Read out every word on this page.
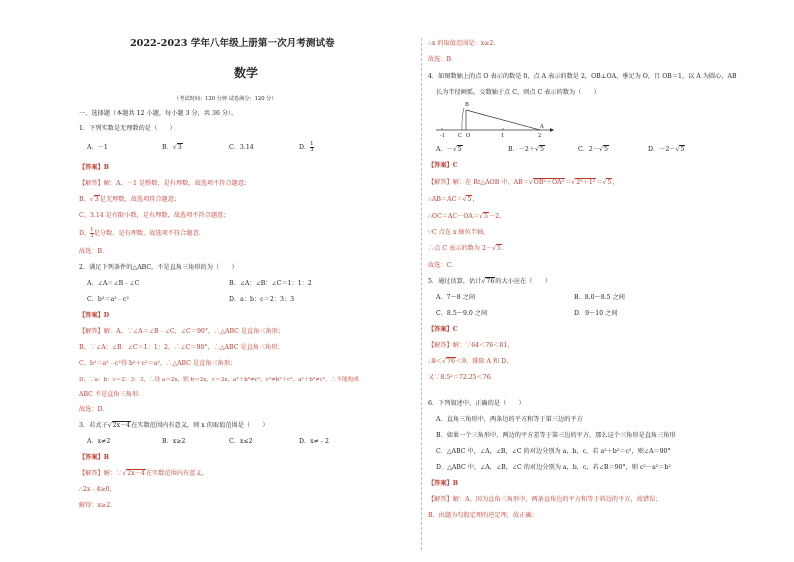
2022-2023 学年八年级上册第一次月考测试卷
数学
（考试时间：120 分钟 试卷满分：120 分）
一、选择题（本题共 12 小题，每小题 3 分，共 36 分）。
1．下列实数是无理数的是（　　）
A．－1	B．√3	C．3.14	D． $\frac{1}{3}$
【答案】B
【解答】解：A、－1 是整数，是有理数，故选项不符合题意；
B、√3是无理数，故选项符合题意；
C、3.14 是有限小数，是有理数，故选项不符合题意；
D、 $\frac{1}{3}$ 是分数，是有理数，故选项不符合题意．
故选：B．
2．满足下列条件的△ABC，不是直角三角形的为（　　）
A．∠A＝∠B﹣∠C	B．∠A：∠B：∠C＝1：1：2
C．b²＝a²﹣c²	D．a：b：c＝2：3：3
【答案】D
【解答】解：A、∵∠A＝∠B﹣∠C，∠C＝90°，∴△ABC 是直角三角形；
B、∵∠A：∠B：∠C＝1：1：2，∴∠C＝90°，∴△ABC 是直角三角形；
C、b²＝a²﹣c²得 b²＋c²＝a²，∴△ABC 是直角三角形；
D、∵a：b：c＝2：3：3，∴设 a＝2x，则 b＝2x，c＝3x，a²＋b²≠c²，c²≠b²＋c²，a²＋b²≠c²，∴不能构成
ABC 不是直角三角形．
故选：D．
3．若式子√2x－4在实数范围内有意义，则 x 的取值范围是（　　）
A．x≠2	B．x≥2	C．x≤2	D．x≠﹣2
【答案】B
【解答】解：∵√2x－4在实数范围内有意义，
∴2x﹣4≥0，
解得：x≥2．
∴x 的取值范围是：x≥2．
故选：B．
4．如图数轴上的点 O 表示的数是 0，点 A 表示的数是 2，OB⊥OA，垂足为 O，且 OB＝1，以 A 为圆心，AB
长为半径画弧，交数轴于点 C，则点 C 表示的数为（　　）
B
A
-1 C O	1	2
A．－√5	B．－2＋√5	C．2－√5	D．－2－√5
【答案】C
【解答】解：在 Rt△AOB 中，AB＝√OB²＋OA²＝√2²＋1²＝√5，
∴AB＝AC＝√5，
∴OC＝AC－OA＝√5－2，
∵C 点在 x 轴负半轴，
∴点 C 表示的数为 2－√5．
故选：C．
5．通过估算，估计√76的大小应在（　　）
A．7～8 之间	B．8.0～8.5 之间
C．8.5～9.0 之间	D．9～10 之间
【答案】C
【解答】解：∵64＜76＜81，
∴8＜√76＜9，排除 A 和 D，
又∵8.5²＝72.25＜76．
6．下列叙述中，正确的是（　　）
A．直角三角形中，两条边的平方和等于第三边的平方
B．如果一个三角形中，两边的平方差等于第三边的平方，那么这个三角形是直角三角形
C．△ABC 中，∠A，∠B，∠C 的对边分别为 a，b，c，若 a²＋b²＝c²，则∠A＝90°
D．△ABC 中，∠A，∠B，∠C 的对边分别为 a，b，c，若∠B＝90°，则 c²－a²＝b²
【答案】B
【解答】解：A、因为直角三角形中，两条直角边的平方和等于斜边的平方，故错误；
B、由题为勾股定理的逆定理，故正确；
